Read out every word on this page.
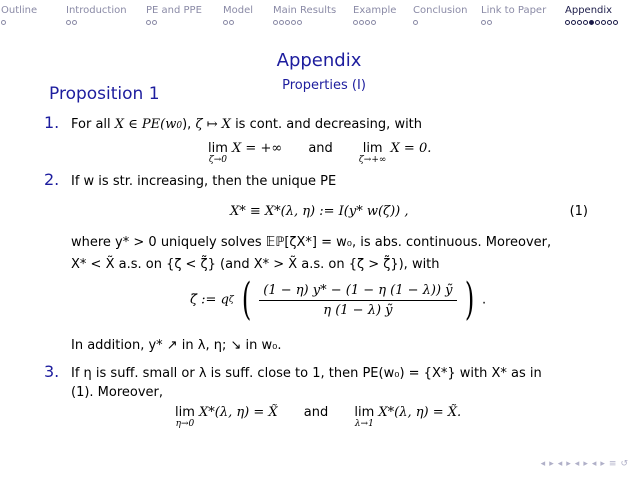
Outline	Introduction PE and PPE Model Main Results Example Conclusion Link to Paper Appendix
Appendix
Properties (I)
Proposition 1
1. For all X ∈ PE(w0), ζ ↦ X is cont. and decreasing, with
lim
ζ→0
X = +∞ and lim
ζ→+∞
X = 0.
2. If w is str. increasing, then the unique PE
X* ≡ X*(λ, η) := I(y* w(ζ)) ,	(1)
where y* > 0 uniquely solves 𝔼ℙ[ζX*] = w₀, is abs. continuous. Moreover,
X* < X̃ a.s. on {ζ < ζ̃} (and X* > X̃ a.s. on {ζ > ζ̃}), with
ζ̃ := qζ ( $\frac{\text{(1 − η) y* − (1 − η (1 − λ)) ỹ}}{\text{η (1 − λ) ỹ}}$ ) .
In addition, y* ↗ in λ, η; ↘ in w₀.
3. If η is suff. small or λ is suff. close to 1, then PE(w₀) = {X*} with X* as in
(1). Moreover,
lim
η→0
X*(λ, η) = X̃ and lim
λ→1
X*(λ, η) = X̃.
◂ ▸ ◂ ▸ ◂ ▸ ◂ ▸ ≡ ↺
